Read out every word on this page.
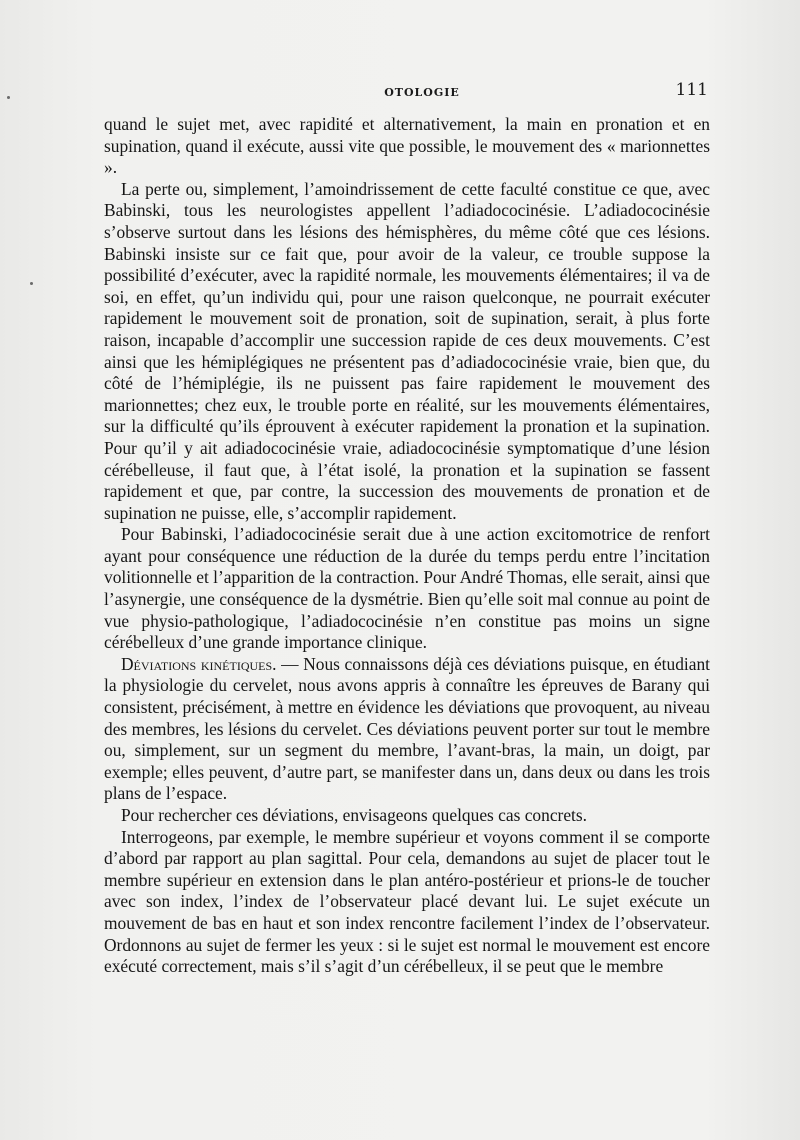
OTOLOGIE	111

quand le sujet met, avec rapidité et alternativement, la main en pronation et en supination, quand il exécute, aussi vite que possible, le mouvement des « marionnettes ».

La perte ou, simplement, l’amoindrissement de cette faculté constitue ce que, avec Babinski, tous les neurologistes appellent l’adiadococinésie. L’adiadococinésie s’observe surtout dans les lésions des hémisphères, du même côté que ces lésions. Babinski insiste sur ce fait que, pour avoir de la valeur, ce trouble suppose la possibilité d’exécuter, avec la rapidité normale, les mouvements élémentaires; il va de soi, en effet, qu’un individu qui, pour une raison quelconque, ne pourrait exécuter rapidement le mouvement soit de pronation, soit de supination, serait, à plus forte raison, incapable d’accomplir une succession rapide de ces deux mouvements. C’est ainsi que les hémiplégiques ne présentent pas d’adiadococinésie vraie, bien que, du côté de l’hémiplégie, ils ne puissent pas faire rapidement le mouvement des marionnettes; chez eux, le trouble porte en réalité, sur les mouvements élémentaires, sur la difficulté qu’ils éprouvent à exécuter rapidement la pronation et la supination. Pour qu’il y ait adiadococinésie vraie, adiadococinésie symptomatique d’une lésion cérébelleuse, il faut que, à l’état isolé, la pronation et la supination se fassent rapidement et que, par contre, la succession des mouvements de pronation et de supination ne puisse, elle, s’accomplir rapidement.

Pour Babinski, l’adiadococinésie serait due à une action excitomotrice de renfort ayant pour conséquence une réduction de la durée du temps perdu entre l’incitation volitionnelle et l’apparition de la contraction. Pour André Thomas, elle serait, ainsi que l’asynergie, une conséquence de la dysmétrie. Bien qu’elle soit mal connue au point de vue physio-pathologique, l’adiadococinésie n’en constitue pas moins un signe cérébelleux d’une grande importance clinique.

Déviations kinétiques. — Nous connaissons déjà ces déviations puisque, en étudiant la physiologie du cervelet, nous avons appris à connaître les épreuves de Barany qui consistent, précisément, à mettre en évidence les déviations que provoquent, au niveau des membres, les lésions du cervelet. Ces déviations peuvent porter sur tout le membre ou, simplement, sur un segment du membre, l’avant-bras, la main, un doigt, par exemple; elles peuvent, d’autre part, se manifester dans un, dans deux ou dans les trois plans de l’espace.

Pour rechercher ces déviations, envisageons quelques cas concrets.

Interrogeons, par exemple, le membre supérieur et voyons comment il se comporte d’abord par rapport au plan sagittal. Pour cela, demandons au sujet de placer tout le membre supérieur en extension dans le plan antéro-postérieur et prions-le de toucher avec son index, l’index de l’observateur placé devant lui. Le sujet exécute un mouvement de bas en haut et son index rencontre facilement l’index de l’observateur. Ordonnons au sujet de fermer les yeux : si le sujet est normal le mouvement est encore exécuté correctement, mais s’il s’agit d’un cérébelleux, il se peut que le membre
